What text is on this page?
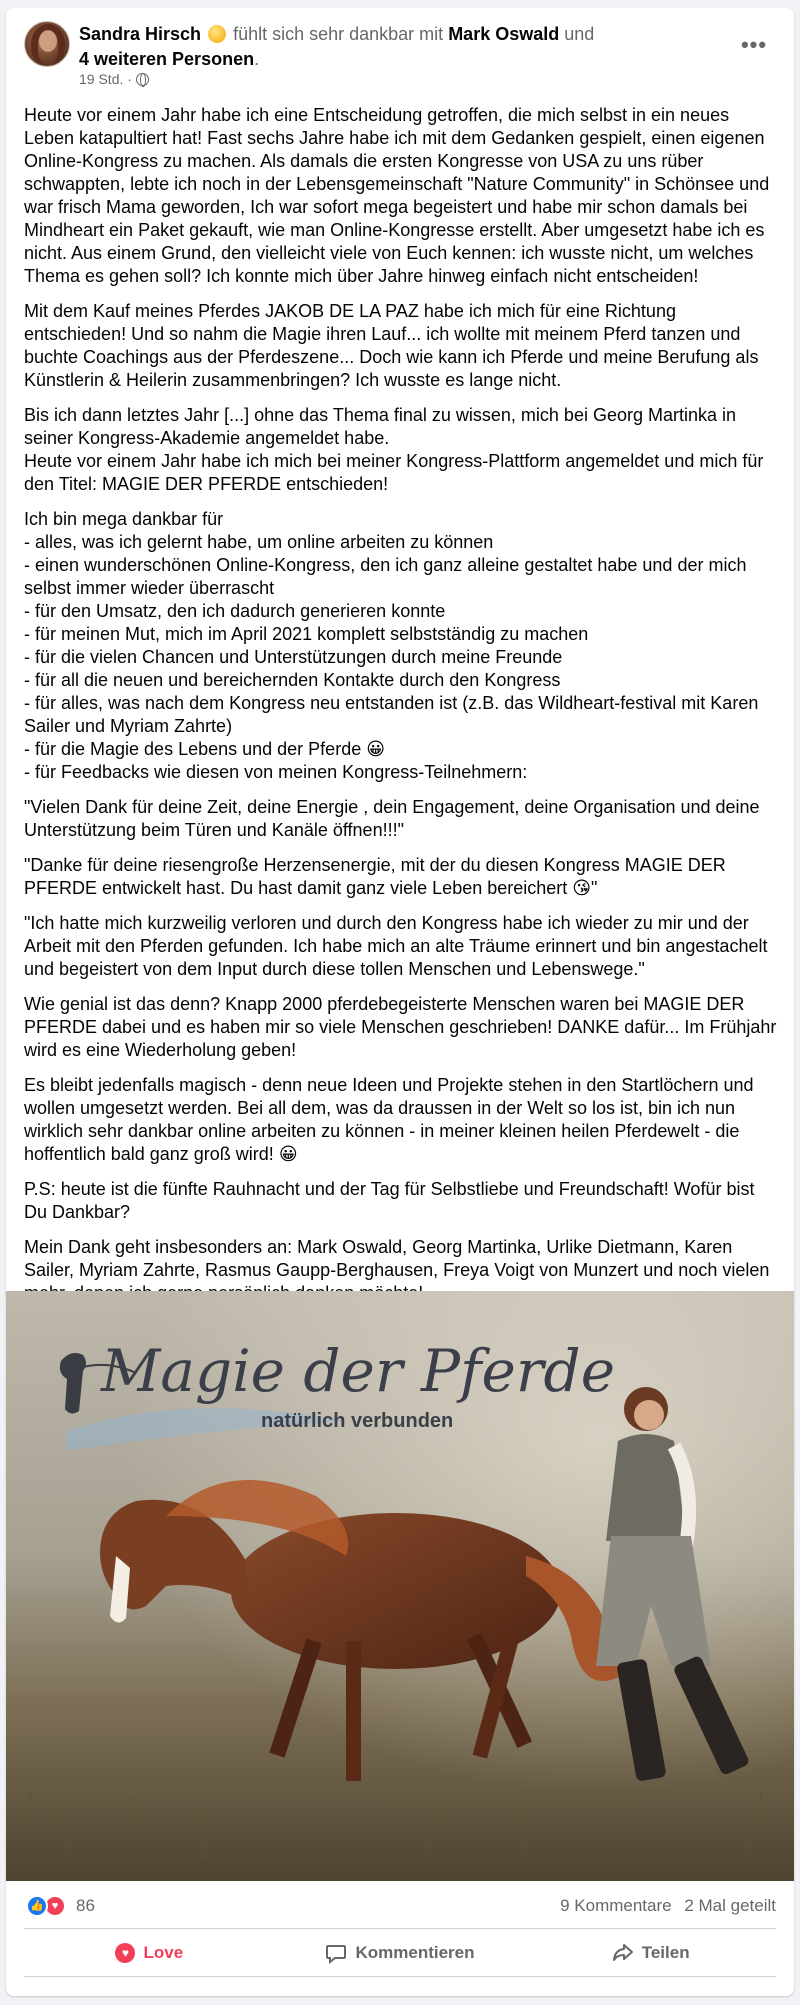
Sandra Hirsch fühlt sich sehr dankbar mit Mark Oswald und
4 weiteren Personen.
19 Std. ·
•••

Heute vor einem Jahr habe ich eine Entscheidung getroffen, die mich selbst in ein neues Leben katapultiert hat! Fast sechs Jahre habe ich mit dem Gedanken gespielt, einen eigenen Online-Kongress zu machen. Als damals die ersten Kongresse von USA zu uns rüber schwappten, lebte ich noch in der Lebensgemeinschaft "Nature Community" in Schönsee und war frisch Mama geworden, Ich war sofort mega begeistert und habe mir schon damals bei Mindheart ein Paket gekauft, wie man Online-Kongresse erstellt. Aber umgesetzt habe ich es nicht. Aus einem Grund, den vielleicht viele von Euch kennen: ich wusste nicht, um welches Thema es gehen soll? Ich konnte mich über Jahre hinweg einfach nicht entscheiden!

Mit dem Kauf meines Pferdes JAKOB DE LA PAZ habe ich mich für eine Richtung entschieden! Und so nahm die Magie ihren Lauf... ich wollte mit meinem Pferd tanzen und buchte Coachings aus der Pferdeszene... Doch wie kann ich Pferde und meine Berufung als Künstlerin & Heilerin zusammenbringen? Ich wusste es lange nicht.

Bis ich dann letztes Jahr [...] ohne das Thema final zu wissen, mich bei Georg Martinka in seiner Kongress-Akademie angemeldet habe.
Heute vor einem Jahr habe ich mich bei meiner Kongress-Plattform angemeldet und mich für den Titel: MAGIE DER PFERDE entschieden!

Ich bin mega dankbar für
- alles, was ich gelernt habe, um online arbeiten zu können
- einen wunderschönen Online-Kongress, den ich ganz alleine gestaltet habe und der mich selbst immer wieder überrascht
- für den Umsatz, den ich dadurch generieren konnte
- für meinen Mut, mich im April 2021 komplett selbstständig zu machen
- für die vielen Chancen und Unterstützungen durch meine Freunde
- für all die neuen und bereichernden Kontakte durch den Kongress
- für alles, was nach dem Kongress neu entstanden ist (z.B. das Wildheart-festival mit Karen Sailer und Myriam Zahrte)
- für die Magie des Lebens und der Pferde 😀
- für Feedbacks wie diesen von meinen Kongress-Teilnehmern:

"Vielen Dank für deine Zeit, deine Energie , dein Engagement, deine Organisation und deine Unterstützung beim Türen und Kanäle öffnen!!!"

"Danke für deine riesengroße Herzensenergie, mit der du diesen Kongress MAGIE DER PFERDE entwickelt hast. Du hast damit ganz viele Leben bereichert 😘"

"Ich hatte mich kurzweilig verloren und durch den Kongress habe ich wieder zu mir und der Arbeit mit den Pferden gefunden. Ich habe mich an alte Träume erinnert und bin angestachelt und begeistert von dem Input durch diese tollen Menschen und Lebenswege."

Wie genial ist das denn? Knapp 2000 pferdebegeisterte Menschen waren bei MAGIE DER PFERDE dabei und es haben mir so viele Menschen geschrieben! DANKE dafür... Im Frühjahr wird es eine Wiederholung geben!

Es bleibt jedenfalls magisch - denn neue Ideen und Projekte stehen in den Startlöchern und wollen umgesetzt werden. Bei all dem, was da draussen in der Welt so los ist, bin ich nun wirklich sehr dankbar online arbeiten zu können - in meiner kleinen heilen Pferdewelt - die hoffentlich bald ganz groß wird! 😀

P.S: heute ist die fünfte Rauhnacht und der Tag für Selbstliebe und Freundschaft! Wofür bist Du Dankbar?

Mein Dank geht insbesonders an: Mark Oswald, Georg Martinka, Urlike Dietmann, Karen Sailer, Myriam Zahrte, Rasmus Gaupp-Berghausen, Freya Voigt von Munzert und noch vielen

Magie der Pferde
natürlich verbunden
👍 ♥	86	9 Kommentare 2 Mal geteilt
♥ Love	Kommentieren	Teilen
